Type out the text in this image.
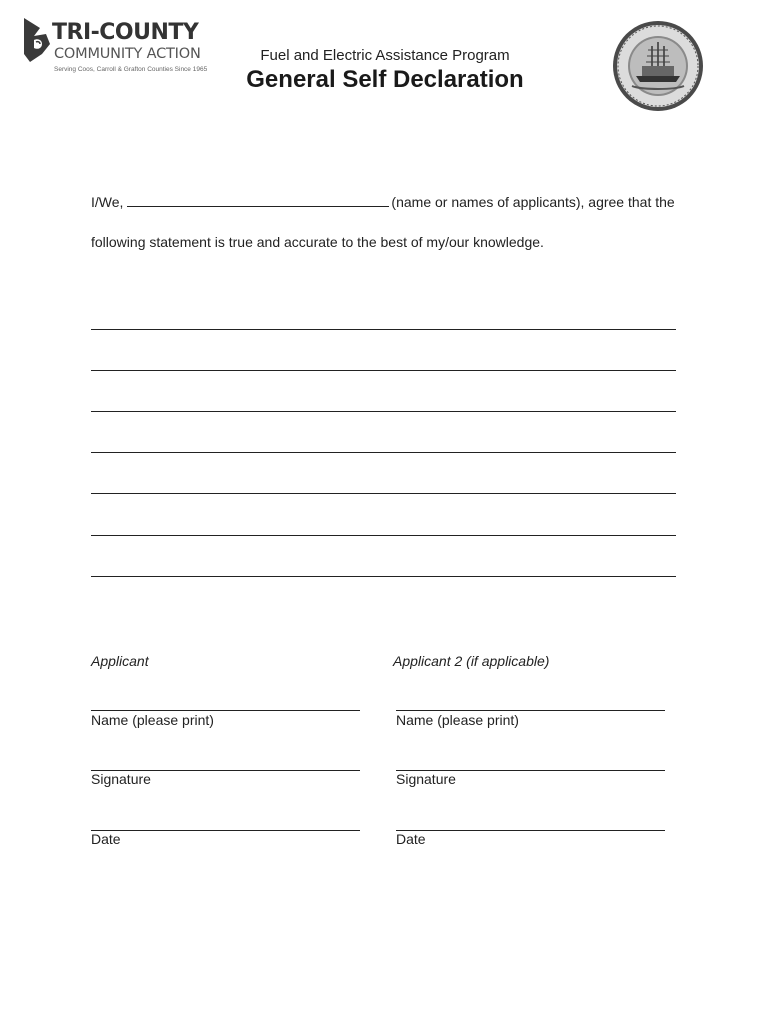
TRI-COUNTY
COMMUNITY ACTION
Serving Coos, Carroll & Grafton Counties Since 1965
Fuel and Electric Assistance Program
General Self Declaration
I/We,	(name or names of applicants), agree that the
following statement is true and accurate to the best of my/our knowledge.
Applicant
Name (please print)
Signature
Date
Applicant 2 (if applicable)
Name (please print)
Signature
Date
